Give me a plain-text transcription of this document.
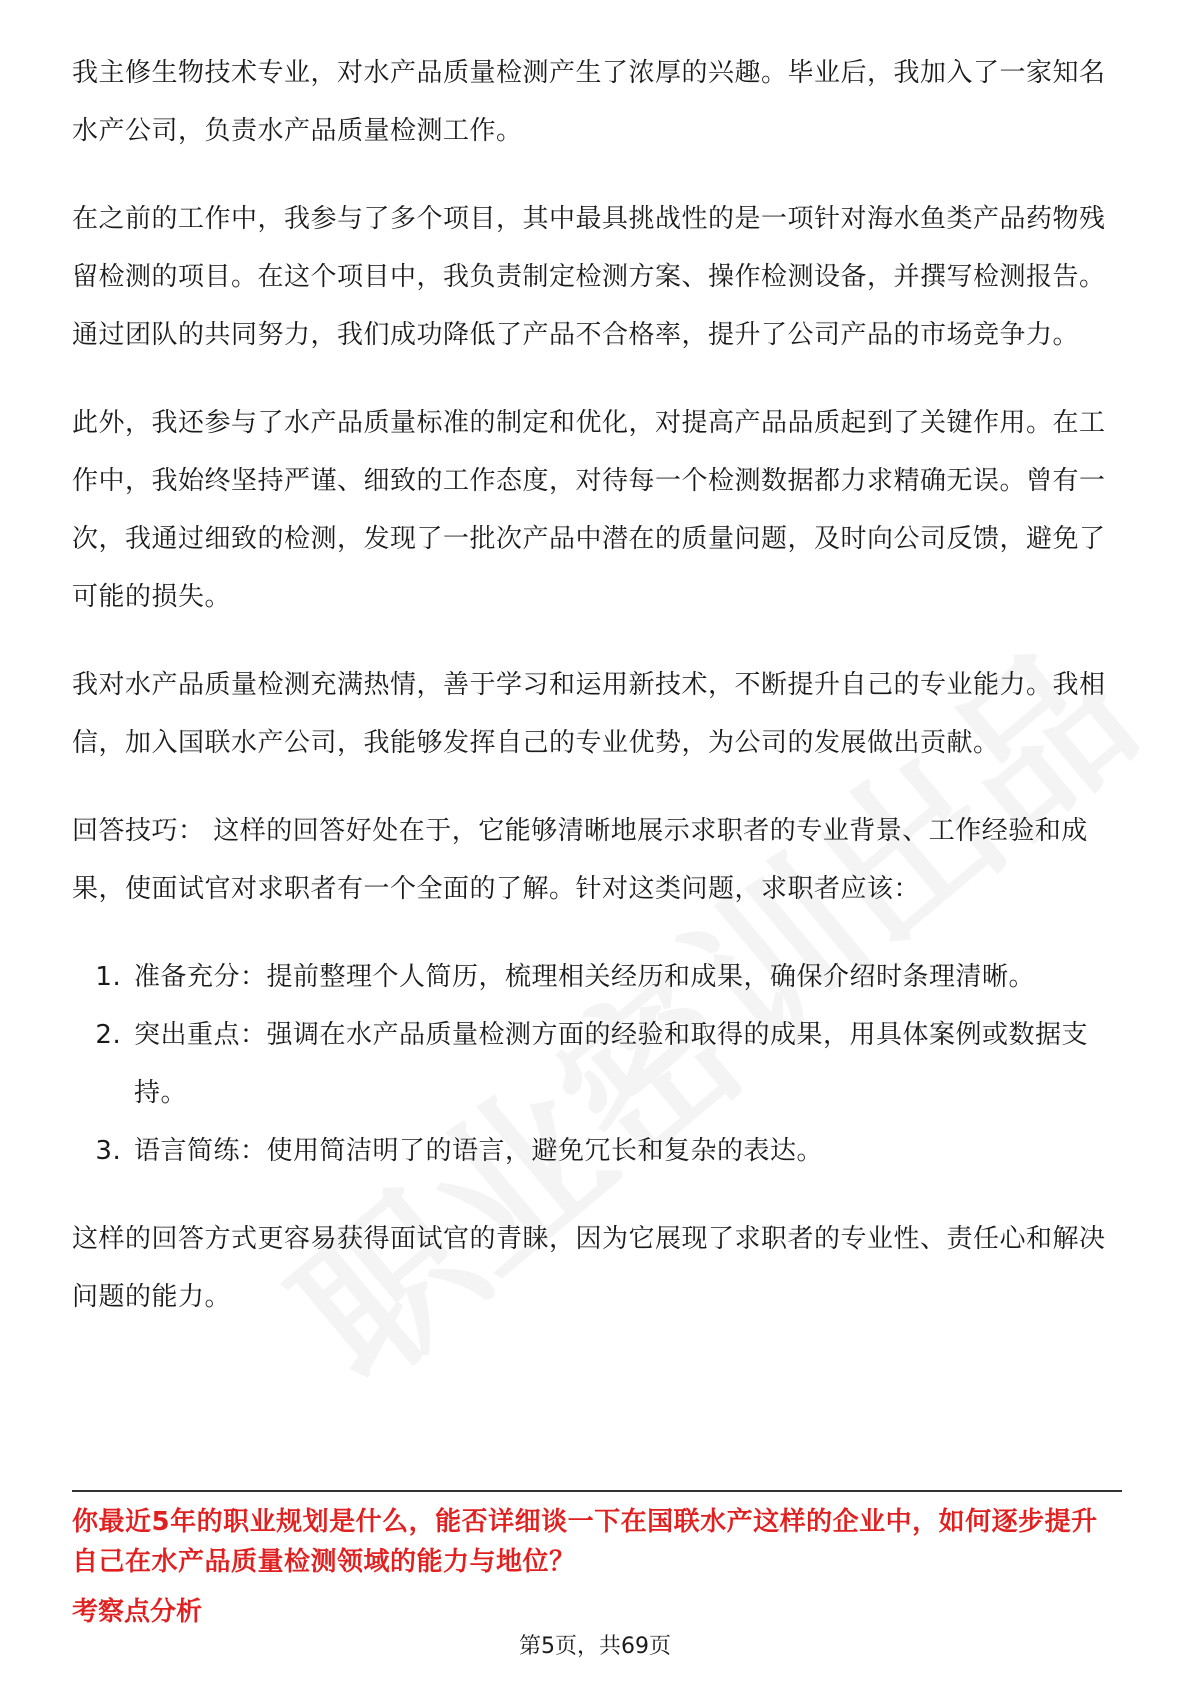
我主修生物技术专业，对水产品质量检测产生了浓厚的兴趣。毕业后，我加入了一家知名水产公司，负责水产品质量检测工作。

在之前的工作中，我参与了多个项目，其中最具挑战性的是一项针对海水鱼类产品药物残留检测的项目。在这个项目中，我负责制定检测方案、操作检测设备，并撰写检测报告。通过团队的共同努力，我们成功降低了产品不合格率，提升了公司产品的市场竞争力。

此外，我还参与了水产品质量标准的制定和优化，对提高产品品质起到了关键作用。在工作中，我始终坚持严谨、细致的工作态度，对待每一个检测数据都力求精确无误。曾有一次，我通过细致的检测，发现了一批次产品中潜在的质量问题，及时向公司反馈，避免了可能的损失。

我对水产品质量检测充满热情，善于学习和运用新技术，不断提升自己的专业能力。我相信，加入国联水产公司，我能够发挥自己的专业优势，为公司的发展做出贡献。

回答技巧： 这样的回答好处在于，它能够清晰地展示求职者的专业背景、工作经验和成果，使面试官对求职者有一个全面的了解。针对这类问题，求职者应该：

1. 准备充分：提前整理个人简历，梳理相关经历和成果，确保介绍时条理清晰。
2. 突出重点：强调在水产品质量检测方面的经验和取得的成果，用具体案例或数据支持。
3. 语言简练：使用简洁明了的语言，避免冗长和复杂的表达。

这样的回答方式更容易获得面试官的青睐，因为它展现了求职者的专业性、责任心和解决问题的能力。

你最近5年的职业规划是什么，能否详细谈一下在国联水产这样的企业中，如何逐步提升自己在水产品质量检测领域的能力与地位？
考察点分析
第5页，共69页
